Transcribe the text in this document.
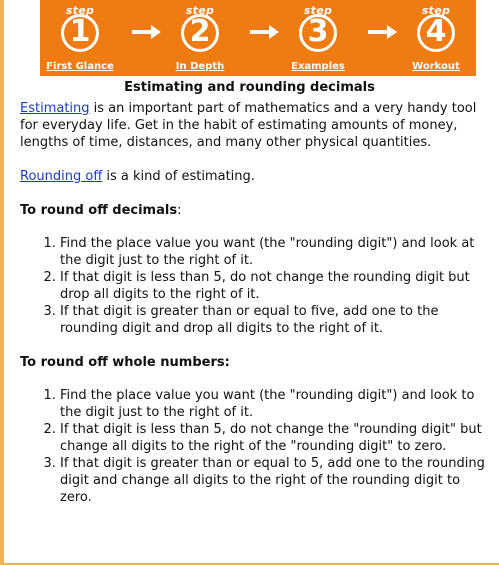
step
1
First Glance
step
2
In Depth
step
3
Examples
step
4
Workout
Estimating and rounding decimals

Estimating is an important part of mathematics and a very handy tool for everyday life. Get in the habit of estimating amounts of money, lengths of time, distances, and many other physical quantities.

Rounding off is a kind of estimating.

To round off decimals:

1. Find the place value you want (the "rounding digit") and look at the digit just to the right of it.
2. If that digit is less than 5, do not change the rounding digit but drop all digits to the right of it.
3. If that digit is greater than or equal to five, add one to the rounding digit and drop all digits to the right of it.

To round off whole numbers:

1. Find the place value you want (the "rounding digit") and look to the digit just to the right of it.
2. If that digit is less than 5, do not change the "rounding digit" but change all digits to the right of the "rounding digit" to zero.
3. If that digit is greater than or equal to 5, add one to the rounding digit and change all digits to the right of the rounding digit to zero.
